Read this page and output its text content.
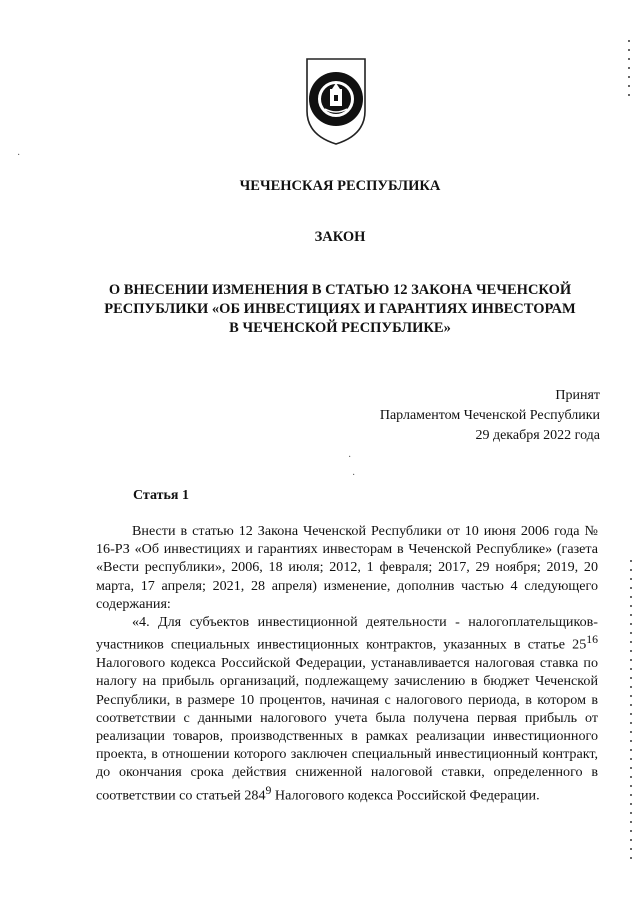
ЧЕЧЕНСКАЯ РЕСПУБЛИКА
ЗАКОН
О ВНЕСЕНИИ ИЗМЕНЕНИЯ В СТАТЬЮ 12 ЗАКОНА ЧЕЧЕНСКОЙ
РЕСПУБЛИКИ «ОБ ИНВЕСТИЦИЯХ И ГАРАНТИЯХ ИНВЕСТОРАМ
В ЧЕЧЕНСКОЙ РЕСПУБЛИКЕ»
Принят
Парламентом Чеченской Республики
29 декабря 2022 года
Статья 1

Внести в статью 12 Закона Чеченской Республики от 10 июня 2006 года № 16-РЗ «Об инвестициях и гарантиях инвесторам в Чеченской Республике» (газета «Вести республики», 2006, 18 июля; 2012, 1 февраля; 2017, 29 ноября; 2019, 20 марта, 17 апреля; 2021, 28 апреля) изменение, дополнив частью 4 следующего содержания:

«4. Для субъектов инвестиционной деятельности - налогоплательщиков-участников специальных инвестиционных контрактов, указанных в статье $25^{16}$ Налогового кодекса Российской Федерации, устанавливается налоговая ставка по налогу на прибыль организаций, подлежащему зачислению в бюджет Чеченской Республики, в размере 10 процентов, начиная с налогового периода, в котором в соответствии с данными налогового учета была получена первая прибыль от реализации товаров, производственных в рамках реализации инвестиционного проекта, в отношении которого заключен специальный инвестиционный контракт, до окончания срока действия сниженной налоговой ставки, определенного в соответствии со статьей $284^9$ Налогового кодекса Российской Федерации.

·
·
·
